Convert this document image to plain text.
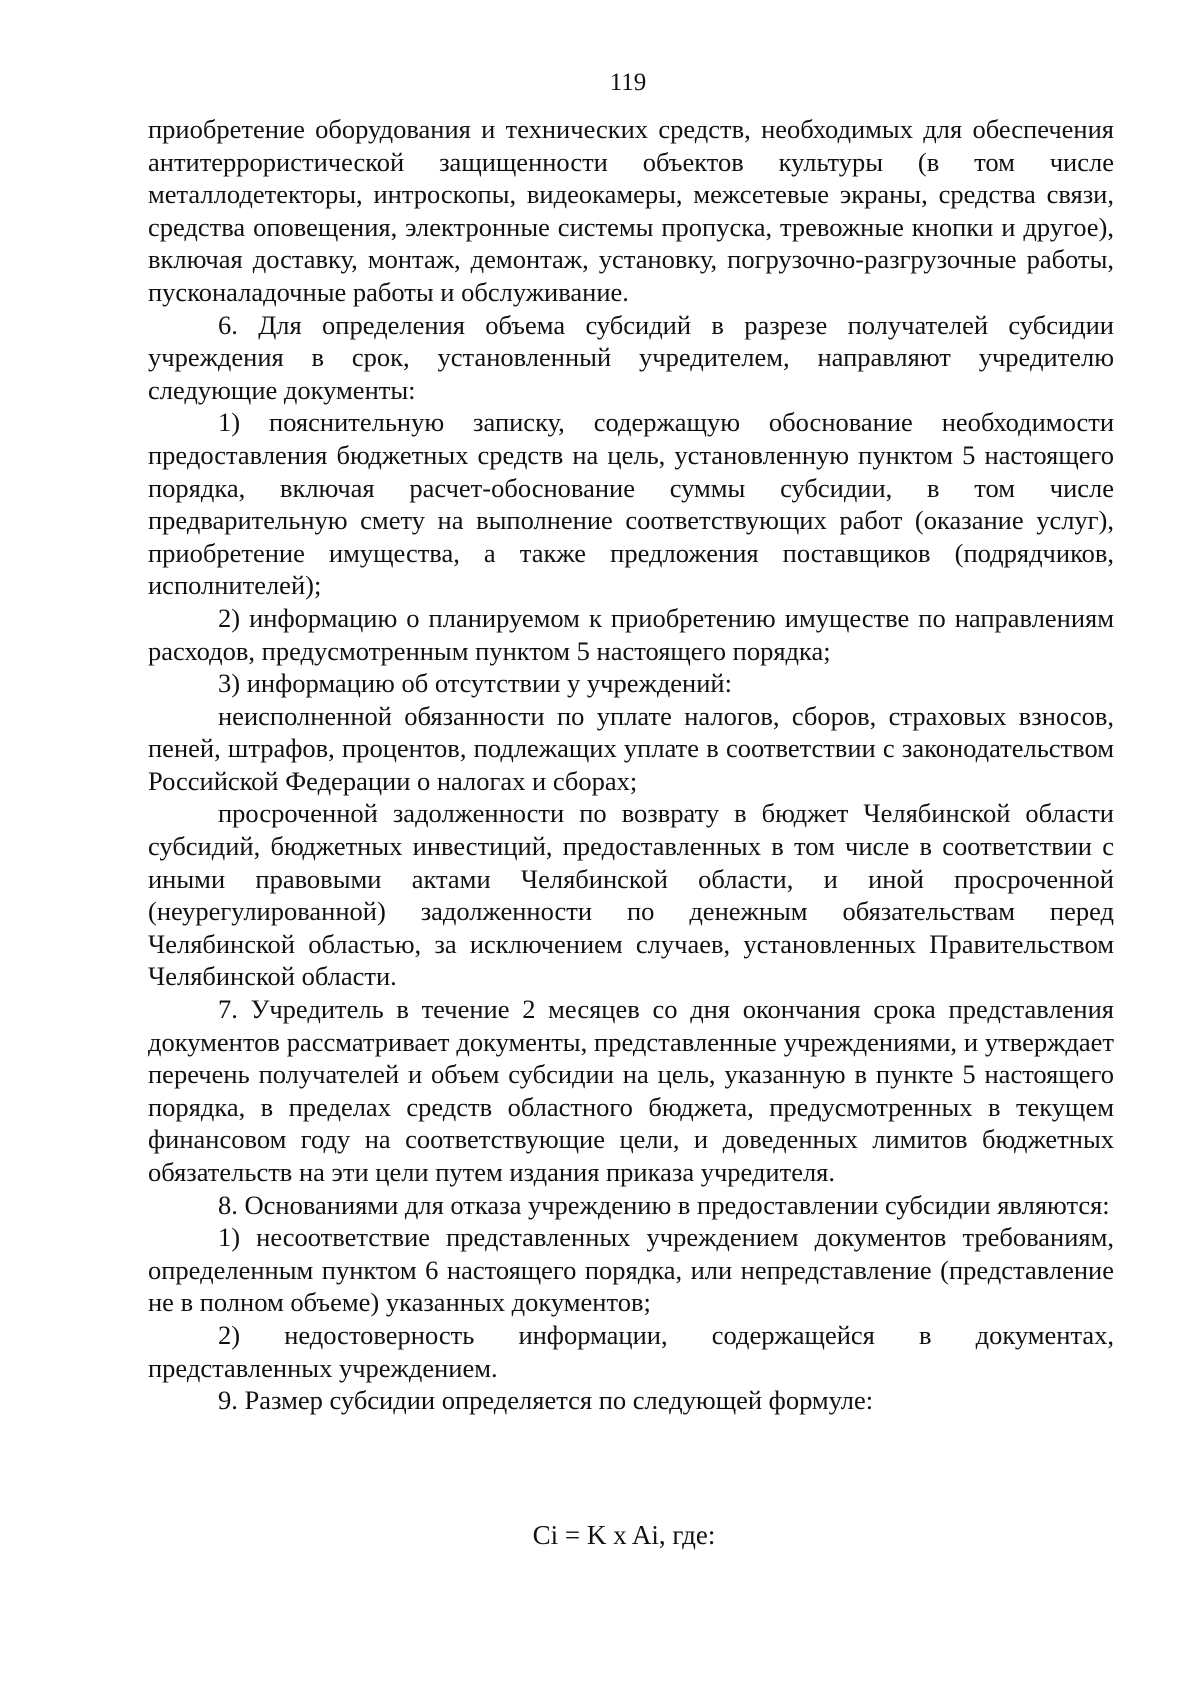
119

приобретение оборудования и технических средств, необходимых для обеспечения антитеррористической защищенности объектов культуры (в том числе металлодетекторы, интроскопы, видеокамеры, межсетевые экраны, средства связи, средства оповещения, электронные системы пропуска, тревожные кнопки и другое), включая доставку, монтаж, демонтаж, установку, погрузочно-разгрузочные работы, пусконаладочные работы и обслуживание.

6. Для определения объема субсидий в разрезе получателей субсидии учреждения в срок, установленный учредителем, направляют учредителю следующие документы:

1) пояснительную записку, содержащую обоснование необходимости предоставления бюджетных средств на цель, установленную пунктом 5 настоящего порядка, включая расчет-обоснование суммы субсидии, в том числе предварительную смету на выполнение соответствующих работ (оказание услуг), приобретение имущества, а также предложения поставщиков (подрядчиков, исполнителей);

2) информацию о планируемом к приобретению имуществе по направлениям расходов, предусмотренным пунктом 5 настоящего порядка;

3) информацию об отсутствии у учреждений:

неисполненной обязанности по уплате налогов, сборов, страховых взносов, пеней, штрафов, процентов, подлежащих уплате в соответствии с законодательством Российской Федерации о налогах и сборах;

просроченной задолженности по возврату в бюджет Челябинской области субсидий, бюджетных инвестиций, предоставленных в том числе в соответствии с иными правовыми актами Челябинской области, и иной просроченной (неурегулированной) задолженности по денежным обязательствам перед Челябинской областью, за исключением случаев, установленных Правительством Челябинской области.

7. Учредитель в течение 2 месяцев со дня окончания срока представления документов рассматривает документы, представленные учреждениями, и утверждает перечень получателей и объем субсидии на цель, указанную в пункте 5 настоящего порядка, в пределах средств областного бюджета, предусмотренных в текущем финансовом году на соответствующие цели, и доведенных лимитов бюджетных обязательств на эти цели путем издания приказа учредителя.

8. Основаниями для отказа учреждению в предоставлении субсидии являются:

1) несоответствие представленных учреждением документов требованиям, определенным пунктом 6 настоящего порядка, или непредставление (представление не в полном объеме) указанных документов;

2) недостоверность информации, содержащейся в документах, представленных учреждением.

9. Размер субсидии определяется по следующей формуле:

Ci = K x Ai, где:
